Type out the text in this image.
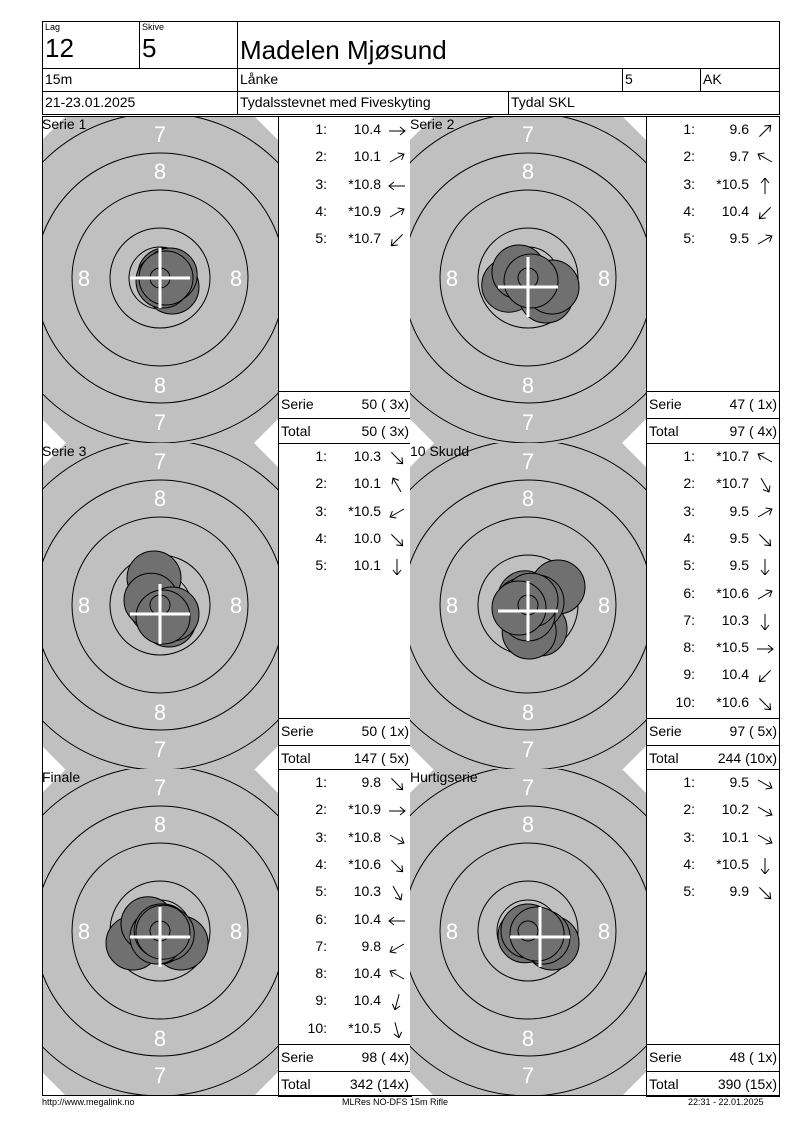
Lag
12
Skive
5	Madelen Mjøsund
15m	Lånke	5	AK
21-23.01.2025	Tydalsstevnet med Fiveskyting	Tydal SKL
8
8
8	8
7
7
Serie 1	1: 10.4
2: 10.1
3: *10.8
4: *10.9
5: *10.7
Serie	50 ( 3x)
Total	50 ( 3x)
8
8
8	8
7
7
Serie 2	1: 9.6
2: 9.7
3: *10.5
4: 10.4
5: 9.5
Serie	47 ( 1x)
Total	97 ( 4x)
8
8
8	8
7
7
Serie 3	1: 10.3
2: 10.1
3: *10.5
4: 10.0
5: 10.1
Serie	50 ( 1x)
Total	147 ( 5x)
8
8
8	8
7
7
10 Skudd	1: *10.7
2: *10.7
3: 9.5
4: 9.5
5: 9.5
6: *10.6
7: 10.3
8: *10.5
9: 10.4
10: *10.6
Serie	97 ( 5x)
Total	244 (10x)
8
8
8	8
7
7
Finale	1: 9.8
2: *10.9
3: *10.8
4: *10.6
5: 10.3
6: 10.4
7: 9.8
8: 10.4
9: 10.4
10: *10.5
Serie	98 ( 4x)
Total	342 (14x)
8
8
8	8
7
7
Hurtigserie	1: 9.5
2: 10.2
3: 10.1
4: *10.5
5: 9.9
Serie	48 ( 1x)
Total	390 (15x)
http://www.megalink.no	MLRes NO-DFS 15m Rifle	22:31 - 22.01.2025
